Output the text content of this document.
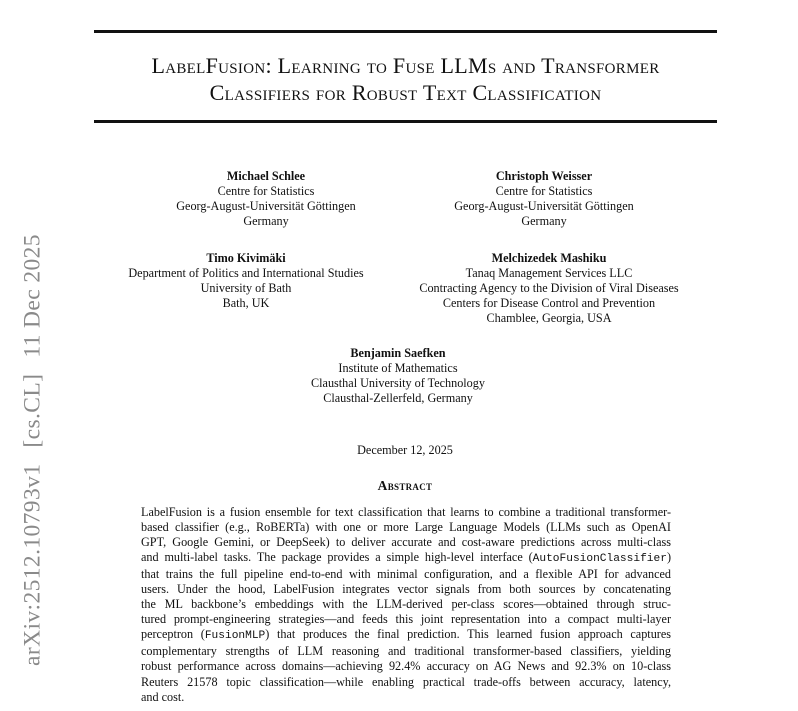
arXiv:2512.10793v1[cs.CL]11 Dec 2025
LabelFusion: Learning to Fuse LLMs and Transformer
Classifiers for Robust Text Classification
Michael Schlee
Centre for Statistics
Georg-August-Universität Göttingen
Germany
Christoph Weisser
Centre for Statistics
Georg-August-Universität Göttingen
Germany
Timo Kivimäki
Department of Politics and International Studies
University of Bath
Bath, UK
Melchizedek Mashiku
Tanaq Management Services LLC
Contracting Agency to the Division of Viral Diseases
Centers for Disease Control and Prevention
Chamblee, Georgia, USA
Benjamin Saefken
Institute of Mathematics
Clausthal University of Technology
Clausthal-Zellerfeld, Germany
December 12, 2025
Abstract
LabelFusion is a fusion ensemble for text classification that learns to combine a traditional transformer-
based classifier (e.g., RoBERTa) with one or more Large Language Models (LLMs such as OpenAI
GPT, Google Gemini, or DeepSeek) to deliver accurate and cost-aware predictions across multi-class
and multi-label tasks. The package provides a simple high-level interface (AutoFusionClassifier)
that trains the full pipeline end-to-end with minimal configuration, and a flexible API for advanced
users. Under the hood, LabelFusion integrates vector signals from both sources by concatenating
the ML backbone’s embeddings with the LLM-derived per-class scores—obtained through struc-
tured prompt-engineering strategies—and feeds this joint representation into a compact multi-layer
perceptron (FusionMLP) that produces the final prediction. This learned fusion approach captures
complementary strengths of LLM reasoning and traditional transformer-based classifiers, yielding
robust performance across domains—achieving 92.4% accuracy on AG News and 92.3% on 10-class
Reuters 21578 topic classification—while enabling practical trade-offs between accuracy, latency,
and cost.
